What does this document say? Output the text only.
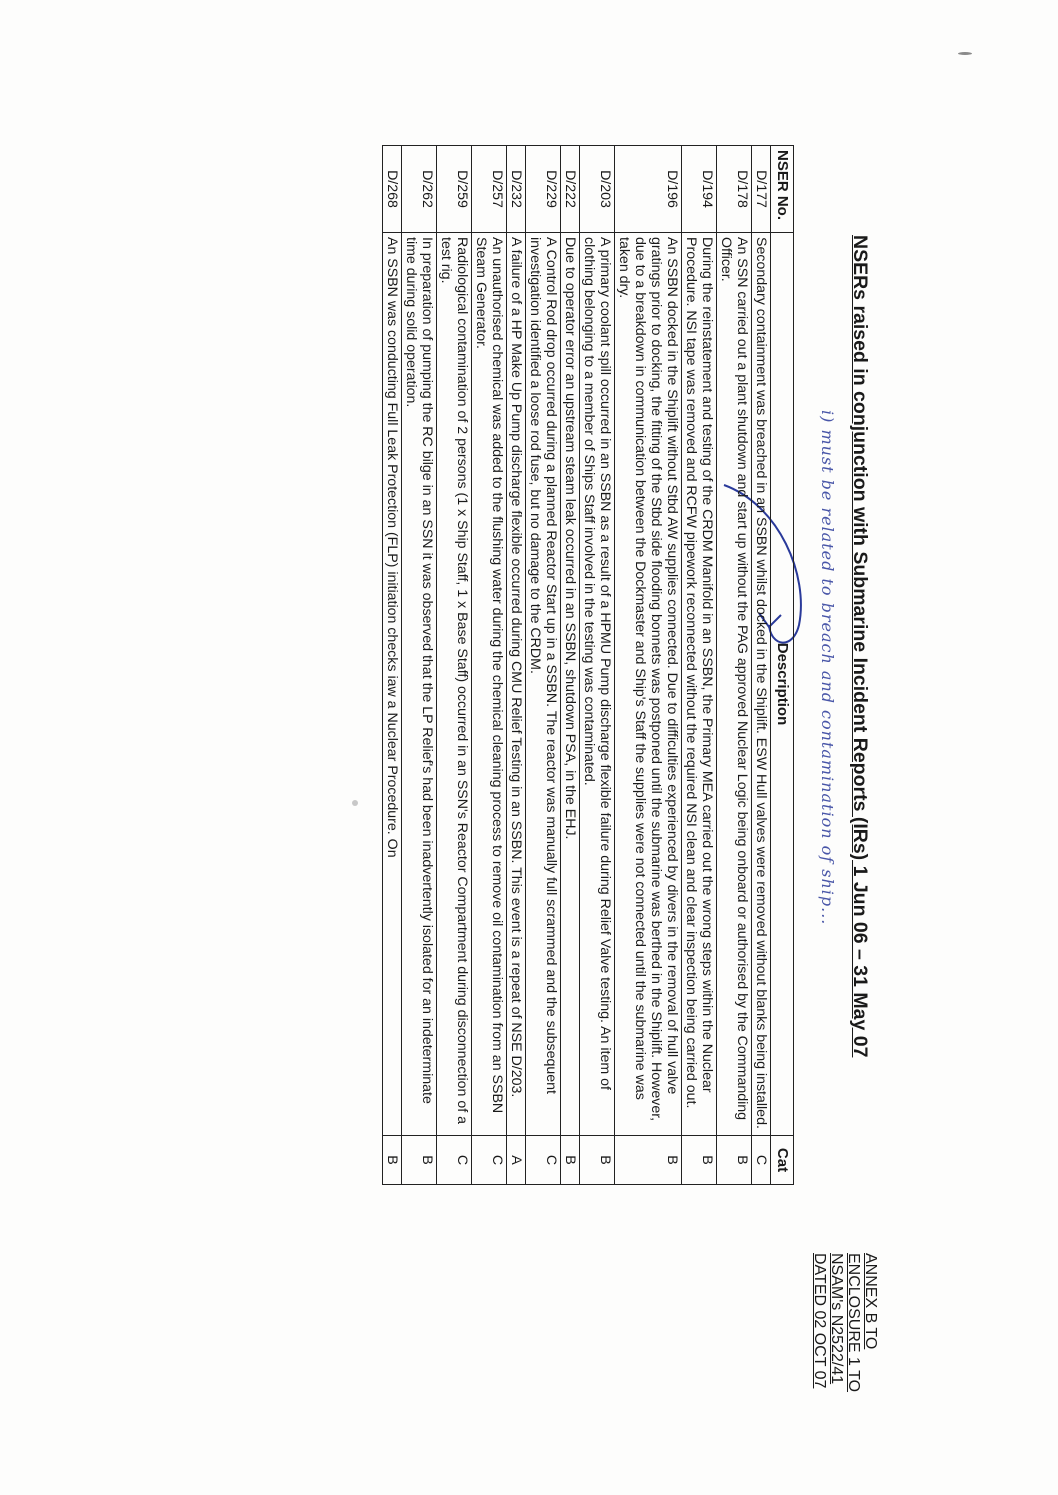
ANNEX B TO
ENCLOSURE 1 TO
NSAM's N2522/41
DATED 02 OCT 07
NSERs raised in conjunction with Submarine Incident Reports (IRs) 1 Jun 06 – 31 May 07
i) must be related to breach and contamination of ship...
NSER No.	Description	Cat
D/177	Secondary containment was breached in an SSBN whilst docked in the Shiplift. ESW Hull valves were removed without blanks being installed.	C
D/178	An SSN carried out a plant shutdown and start up without the PAG approved Nuclear Logic being onboard or authorised by the Commanding Officer.	B
D/194	During the reinstatement and testing of the CRDM Manifold in an SSBN, the Primary MEA carried out the wrong steps within the Nuclear Procedure. NSI tape was removed and RCFW pipework reconnected without the required NSI clean and clear inspection being carried out.	B
D/196	An SSBN docked in the Shiplift without Stbd AW supplies connected. Due to difficulties experienced by divers in the removal of hull valve gratings prior to docking, the fitting of the Stbd side flooding bonnets was postponed until the submarine was berthed in the Shiplift. However, due to a breakdown in communication between the Dockmaster and Ship's Staff the supplies were not connected until the submarine was taken dry.	B
D/203	A primary coolant spill occurred in an SSBN as a result of a HPMU Pump discharge flexible failure during Relief Valve testing. An item of clothing belonging to a member of Ships Staff involved in the testing was contaminated.	B
D/222	Due to operator error an upstream steam leak occurred in an SSBN, shutdown PSA, in the EHJ.	B
D/229	A Control Rod drop occurred during a planned Reactor Start up in a SSBN. The reactor was manually full scrammed and the subsequent investigation identified a loose rod fuse, but no damage to the CRDM.	C
D/232	A failure of a HP Make Up Pump discharge flexible occurred during CMU Relief Testing in an SSBN. This event is a repeat of NSE D/203.	A
D/257	An unauthorised chemical was added to the flushing water during the chemical cleaning process to remove oil contamination from an SSBN Steam Generator.	C
D/259	Radiological contamination of 2 persons (1 x Ship Staff, 1 x Base Staff) occurred in an SSN's Reactor Compartment during disconnection of a test rig.	C
D/262	In preparation of pumping the RC bilge in an SSN it was observed that the LP Relief's had been inadvertently isolated for an indeterminate time during solid operation.	B
D/268	An SSBN was conducting Full Leak Protection (FLP) initiation checks iaw a Nuclear Procedure. On	B
